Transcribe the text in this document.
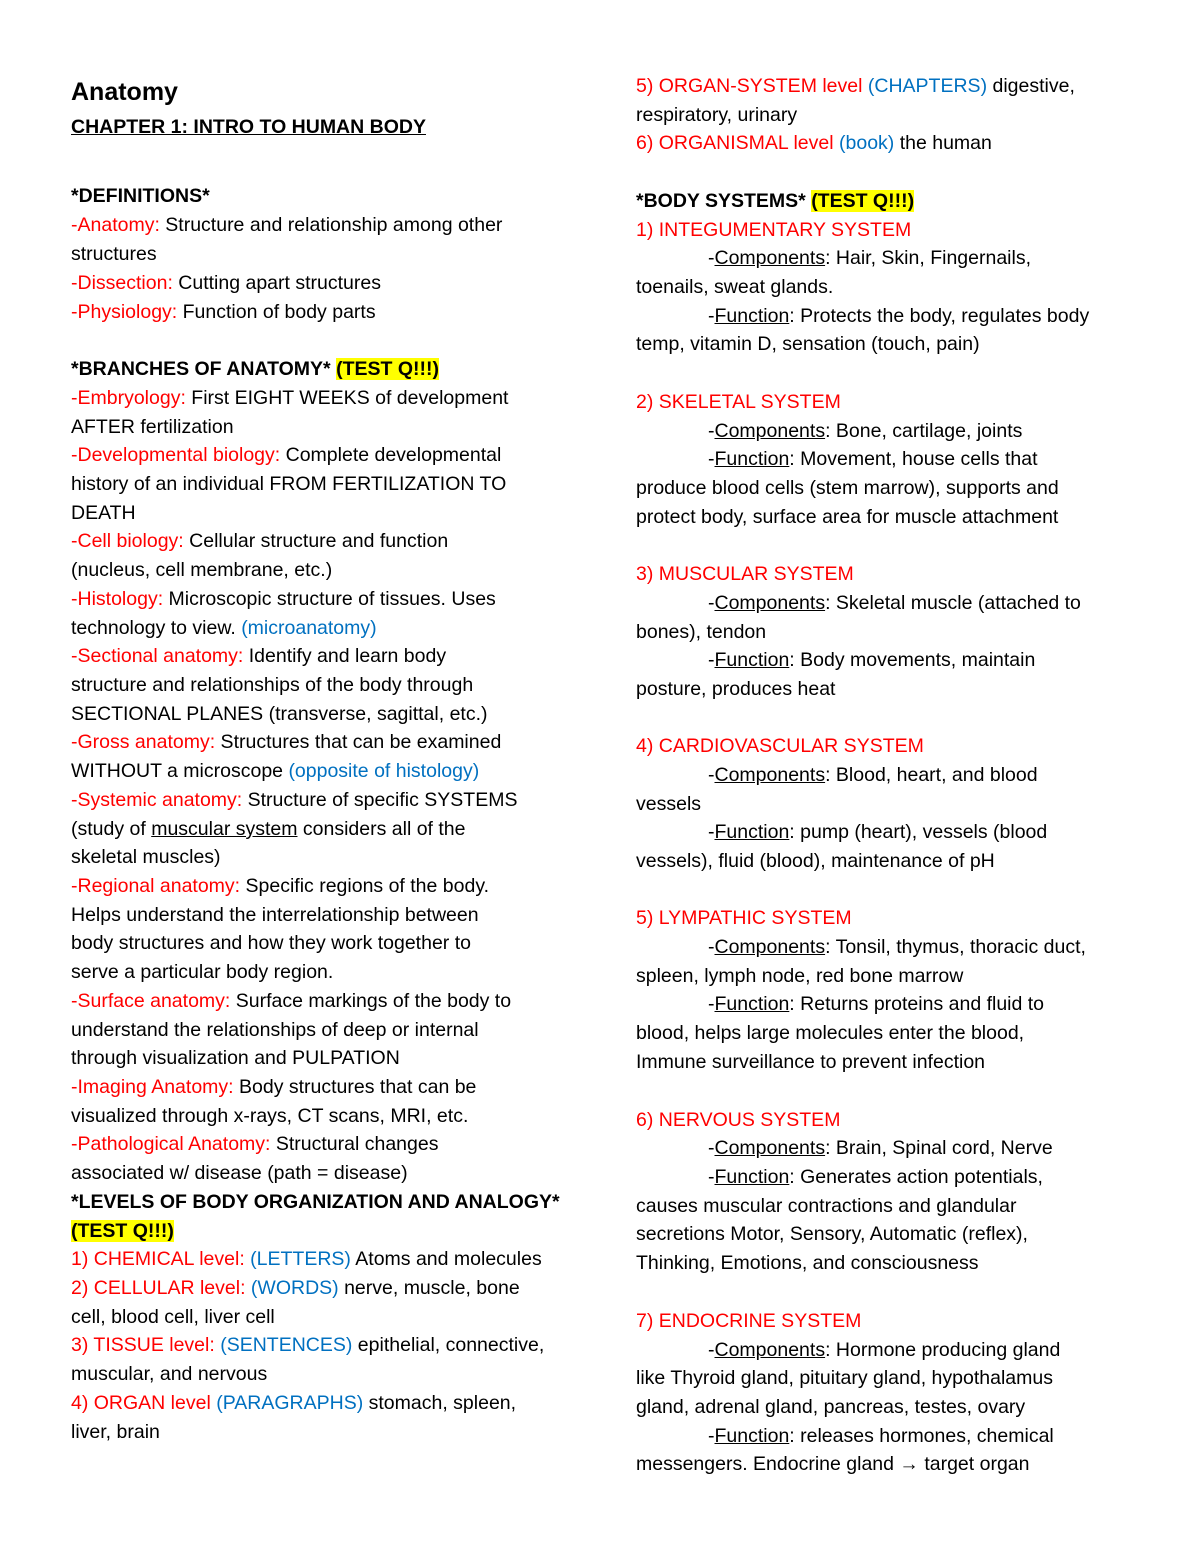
Anatomy
CHAPTER 1: INTRO TO HUMAN BODY
*DEFINITIONS*
-Anatomy: Structure and relationship among other
structures
-Dissection: Cutting apart structures
-Physiology: Function of body parts
*BRANCHES OF ANATOMY* (TEST Q!!!)
-Embryology: First EIGHT WEEKS of development
AFTER fertilization
-Developmental biology: Complete developmental
history of an individual FROM FERTILIZATION TO
DEATH
-Cell biology: Cellular structure and function
(nucleus, cell membrane, etc.)
-Histology: Microscopic structure of tissues. Uses
technology to view. (microanatomy)
-Sectional anatomy: Identify and learn body
structure and relationships of the body through
SECTIONAL PLANES (transverse, sagittal, etc.)
-Gross anatomy: Structures that can be examined
WITHOUT a microscope (opposite of histology)
-Systemic anatomy: Structure of specific SYSTEMS
(study of muscular system considers all of the
skeletal muscles)
-Regional anatomy: Specific regions of the body.
Helps understand the interrelationship between
body structures and how they work together to
serve a particular body region.
-Surface anatomy: Surface markings of the body to
understand the relationships of deep or internal
through visualization and PULPATION
-Imaging Anatomy: Body structures that can be
visualized through x-rays, CT scans, MRI, etc.
-Pathological Anatomy: Structural changes
associated w/ disease (path = disease)
*LEVELS OF BODY ORGANIZATION AND ANALOGY*
(TEST Q!!!)
1) CHEMICAL level: (LETTERS) Atoms and molecules
2) CELLULAR level: (WORDS) nerve, muscle, bone
cell, blood cell, liver cell
3) TISSUE level: (SENTENCES) epithelial, connective,
muscular, and nervous
4) ORGAN level (PARAGRAPHS) stomach, spleen,
liver, brain
5) ORGAN-SYSTEM level (CHAPTERS) digestive,
respiratory, urinary
6) ORGANISMAL level (book) the human
*BODY SYSTEMS* (TEST Q!!!)
1) INTEGUMENTARY SYSTEM
-Components: Hair, Skin, Fingernails,
toenails, sweat glands.
-Function: Protects the body, regulates body
temp, vitamin D, sensation (touch, pain)
2) SKELETAL SYSTEM
-Components: Bone, cartilage, joints
-Function: Movement, house cells that
produce blood cells (stem marrow), supports and
protect body, surface area for muscle attachment
3) MUSCULAR SYSTEM
-Components: Skeletal muscle (attached to
bones), tendon
-Function: Body movements, maintain
posture, produces heat
4) CARDIOVASCULAR SYSTEM
-Components: Blood, heart, and blood
vessels
-Function: pump (heart), vessels (blood
vessels), fluid (blood), maintenance of pH
5) LYMPATHIC SYSTEM
-Components: Tonsil, thymus, thoracic duct,
spleen, lymph node, red bone marrow
-Function: Returns proteins and fluid to
blood, helps large molecules enter the blood,
Immune surveillance to prevent infection
6) NERVOUS SYSTEM
-Components: Brain, Spinal cord, Nerve
-Function: Generates action potentials,
causes muscular contractions and glandular
secretions Motor, Sensory, Automatic (reflex),
Thinking, Emotions, and consciousness
7) ENDOCRINE SYSTEM
-Components: Hormone producing gland
like Thyroid gland, pituitary gland, hypothalamus
gland, adrenal gland, pancreas, testes, ovary
-Function: releases hormones, chemical
messengers. Endocrine gland → target organ
